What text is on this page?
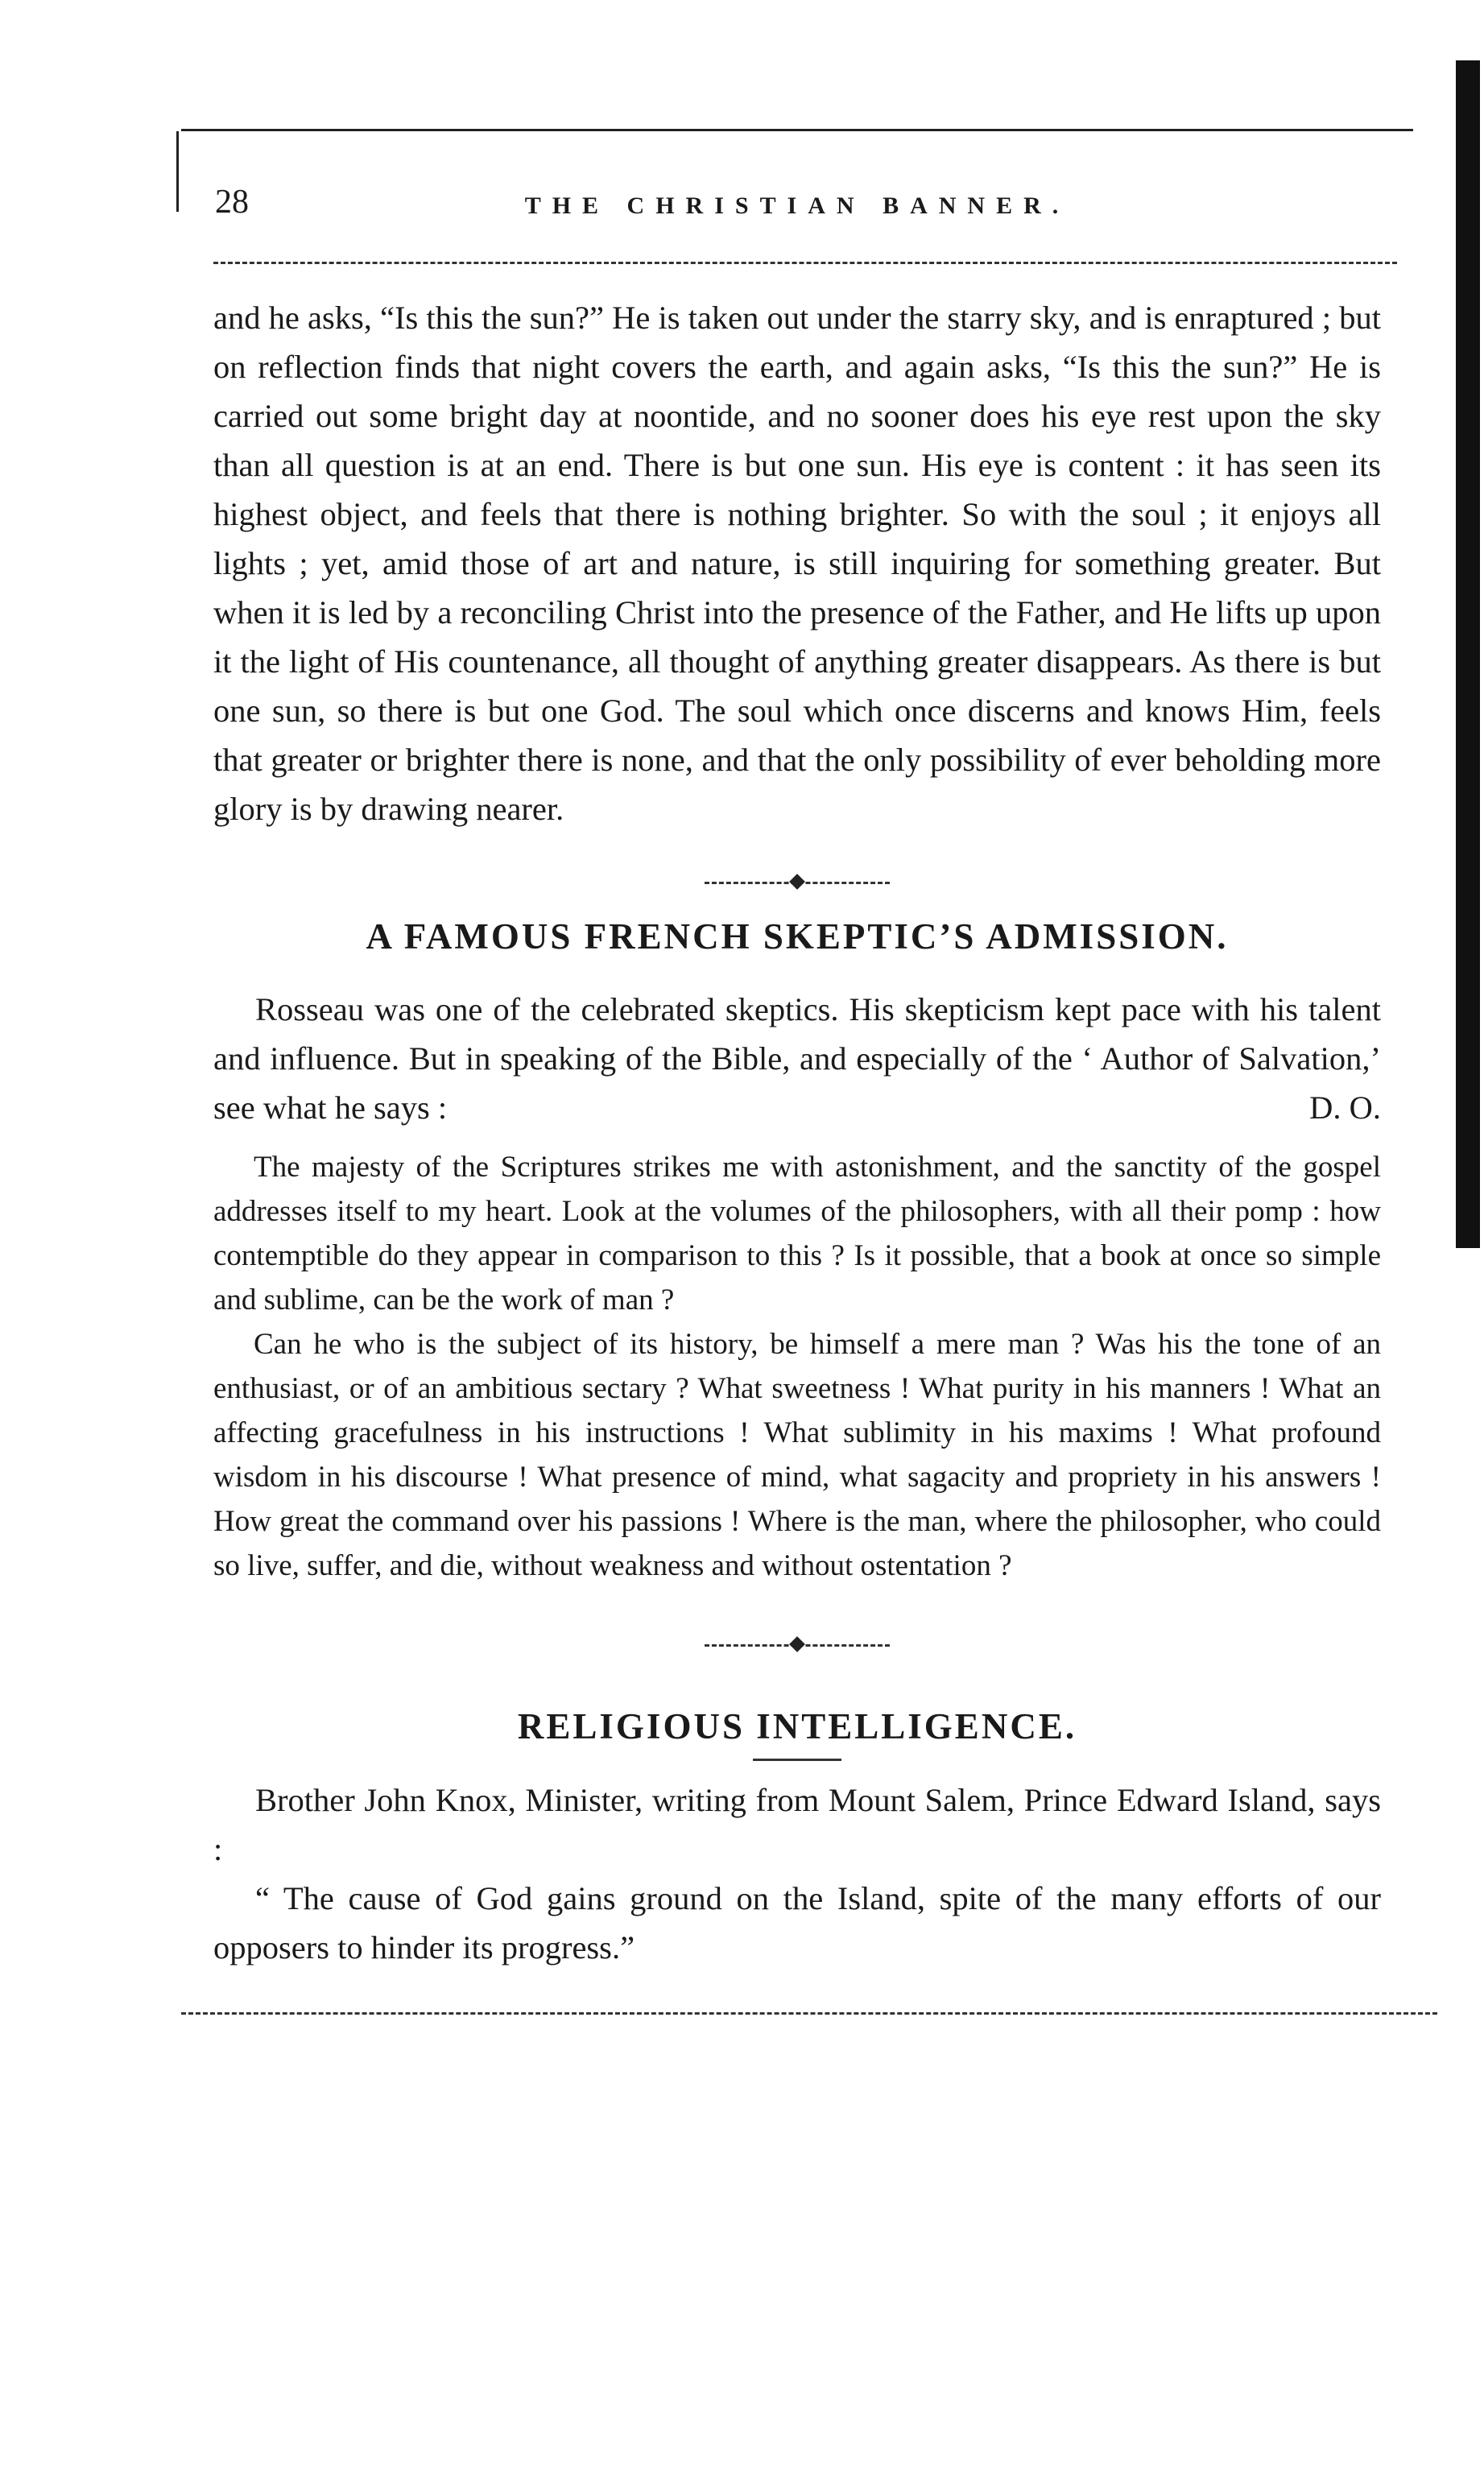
28	THE CHRISTIAN BANNER.

and he asks, “Is this the sun?” He is taken out under the starry sky, and is enraptured ; but on reflection finds that night covers the earth, and again asks, “Is this the sun?” He is carried out some bright day at noontide, and no sooner does his eye rest upon the sky than all question is at an end. There is but one sun. His eye is content : it has seen its highest object, and feels that there is nothing brighter. So with the soul ; it enjoys all lights ; yet, amid those of art and nature, is still inquiring for something greater. But when it is led by a reconciling Christ into the presence of the Father, and He lifts up upon it the light of His countenance, all thought of anything greater disappears. As there is but one sun, so there is but one God. The soul which once discerns and knows Him, feels that greater or brighter there is none, and that the only possibility of ever beholding more glory is by drawing nearer.

A FAMOUS FRENCH SKEPTIC’S ADMISSION.

Rosseau was one of the celebrated skeptics. His skepticism kept pace with his talent and influence. But in speaking of the Bible, and especially of the ‘ Author of Salvation,’ see what he says :	D. O.

The majesty of the Scriptures strikes me with astonishment, and the sanctity of the gospel addresses itself to my heart. Look at the volumes of the philosophers, with all their pomp : how contemptible do they appear in comparison to this ? Is it possible, that a book at once so simple and sublime, can be the work of man ?

Can he who is the subject of its history, be himself a mere man ? Was his the tone of an enthusiast, or of an ambitious sectary ? What sweetness ! What purity in his manners ! What an affecting gracefulness in his instructions ! What sublimity in his maxims ! What profound wisdom in his discourse ! What presence of mind, what sagacity and propriety in his answers ! How great the command over his passions ! Where is the man, where the philosopher, who could so live, suffer, and die, without weakness and without ostentation ?

RELIGIOUS INTELLIGENCE.

Brother John Knox, Minister, writing from Mount Salem, Prince Edward Island, says :

“ The cause of God gains ground on the Island, spite of the many efforts of our opposers to hinder its progress.”
